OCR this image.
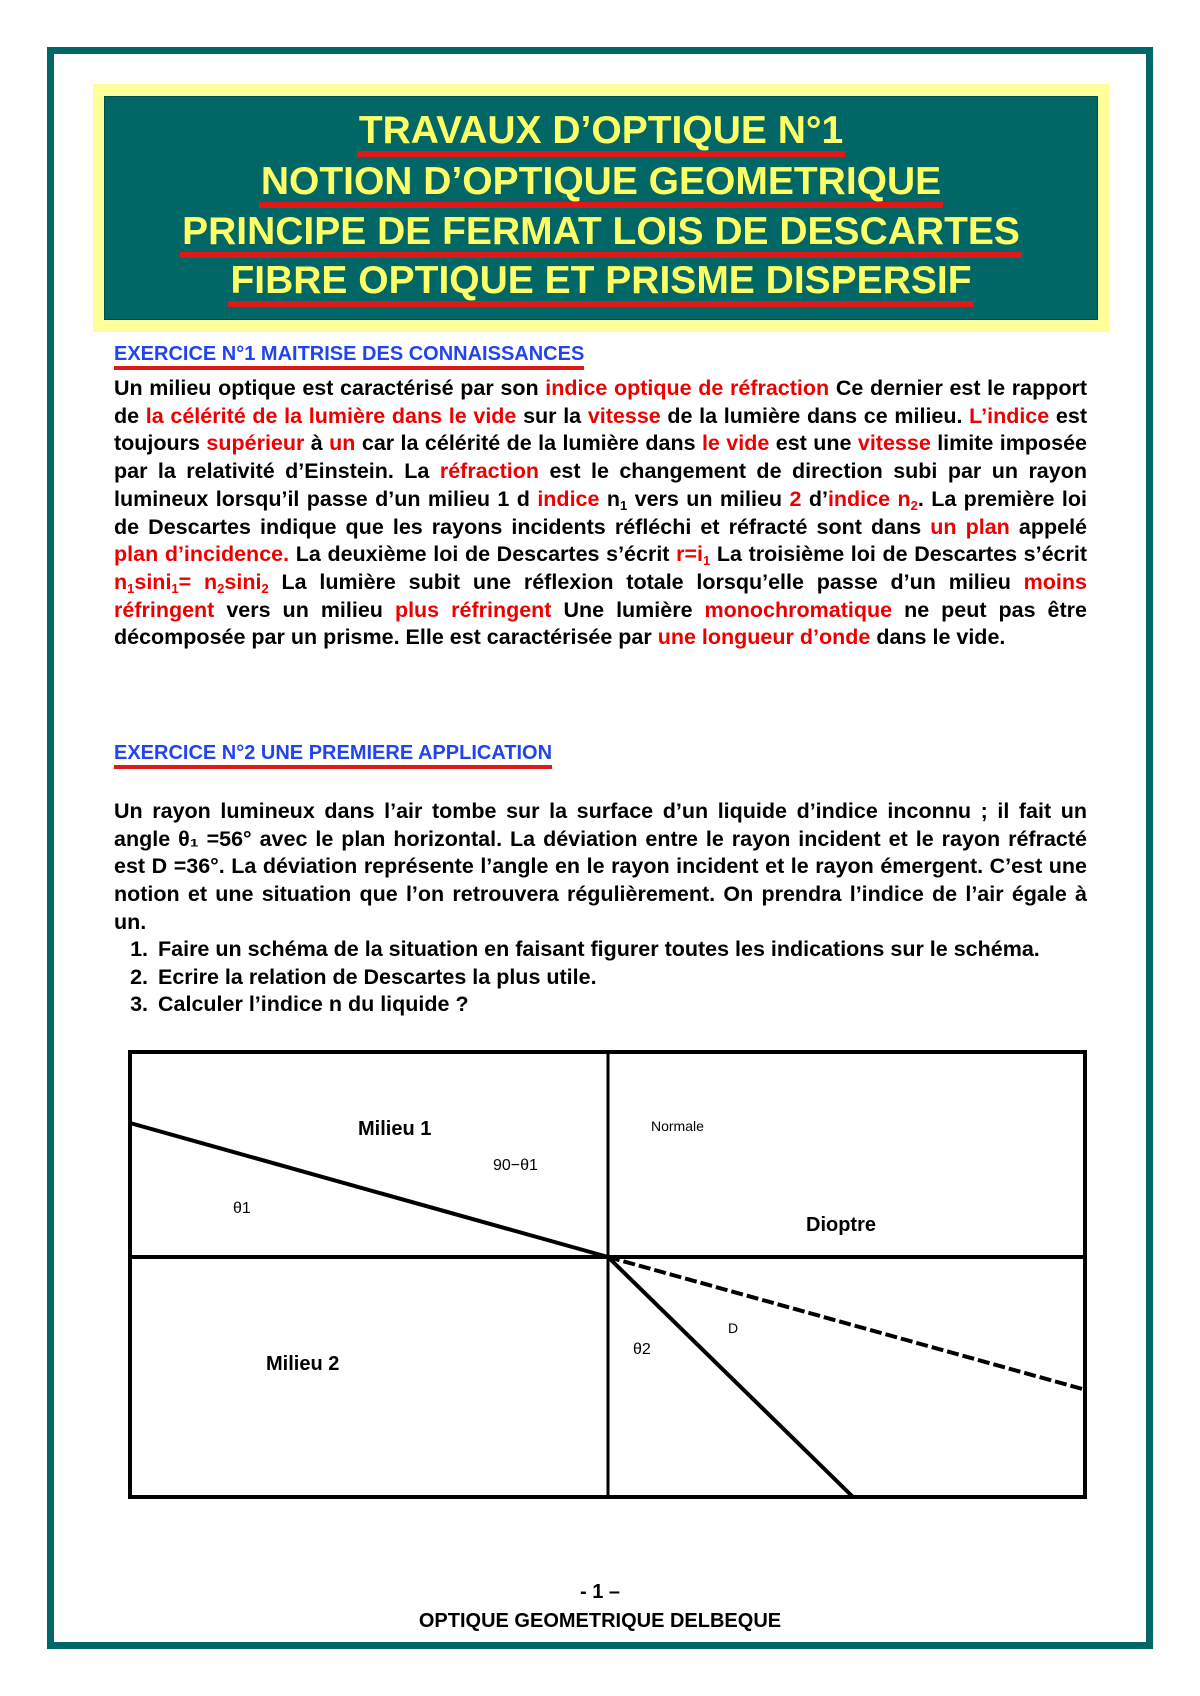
TRAVAUX D’OPTIQUE N°1
NOTION D’OPTIQUE GEOMETRIQUE
PRINCIPE DE FERMAT LOIS DE DESCARTES
FIBRE OPTIQUE ET PRISME DISPERSIF
EXERCICE N°1 MAITRISE DES CONNAISSANCES
Un milieu optique est caractérisé par son indice optique de réfraction Ce dernier est le rapport de la célérité de la lumière dans le vide sur la vitesse de la lumière dans ce milieu. L’indice est toujours supérieur à un car la célérité de la lumière dans le vide est une vitesse limite imposée par la relativité d’Einstein. La réfraction est le changement de direction subi par un rayon lumineux lorsqu’il passe d’un milieu 1 d indice $n_1$ vers un milieu 2 d’indice $n_2$. La première loi de Descartes indique que les rayons incidents réfléchi et réfracté sont dans un plan appelé plan d’incidence. La deuxième loi de Descartes s’écrit $r=i_1$ La troisième loi de Descartes s’écrit $n_1\sin i_1= n_2\sin i_2$ La lumière subit une réflexion totale lorsqu’elle passe d’un milieu moins réfringent vers un milieu plus réfringent Une lumière monochromatique ne peut pas être décomposée par un prisme. Elle est caractérisée par une longueur d’onde dans le vide.
EXERCICE N°2 UNE PREMIERE APPLICATION
Un rayon lumineux dans l’air tombe sur la surface d’un liquide d’indice inconnu ; il fait un angle θ₁ =56° avec le plan horizontal. La déviation entre le rayon incident et le rayon réfracté est D =36°. La déviation représente l’angle en le rayon incident et le rayon émergent. C’est une notion et une situation que l’on retrouvera régulièrement. On prendra l’indice de l’air égale à un.
1. Faire un schéma de la situation en faisant figurer toutes les indications sur le schéma.
2. Ecrire la relation de Descartes la plus utile.
3. Calculer l’indice n du liquide ?
Milieu 1
Milieu 2
Normale
Dioptre
90−θ1
θ1
θ2
D
- 1 –
OPTIQUE GEOMETRIQUE DELBEQUE
